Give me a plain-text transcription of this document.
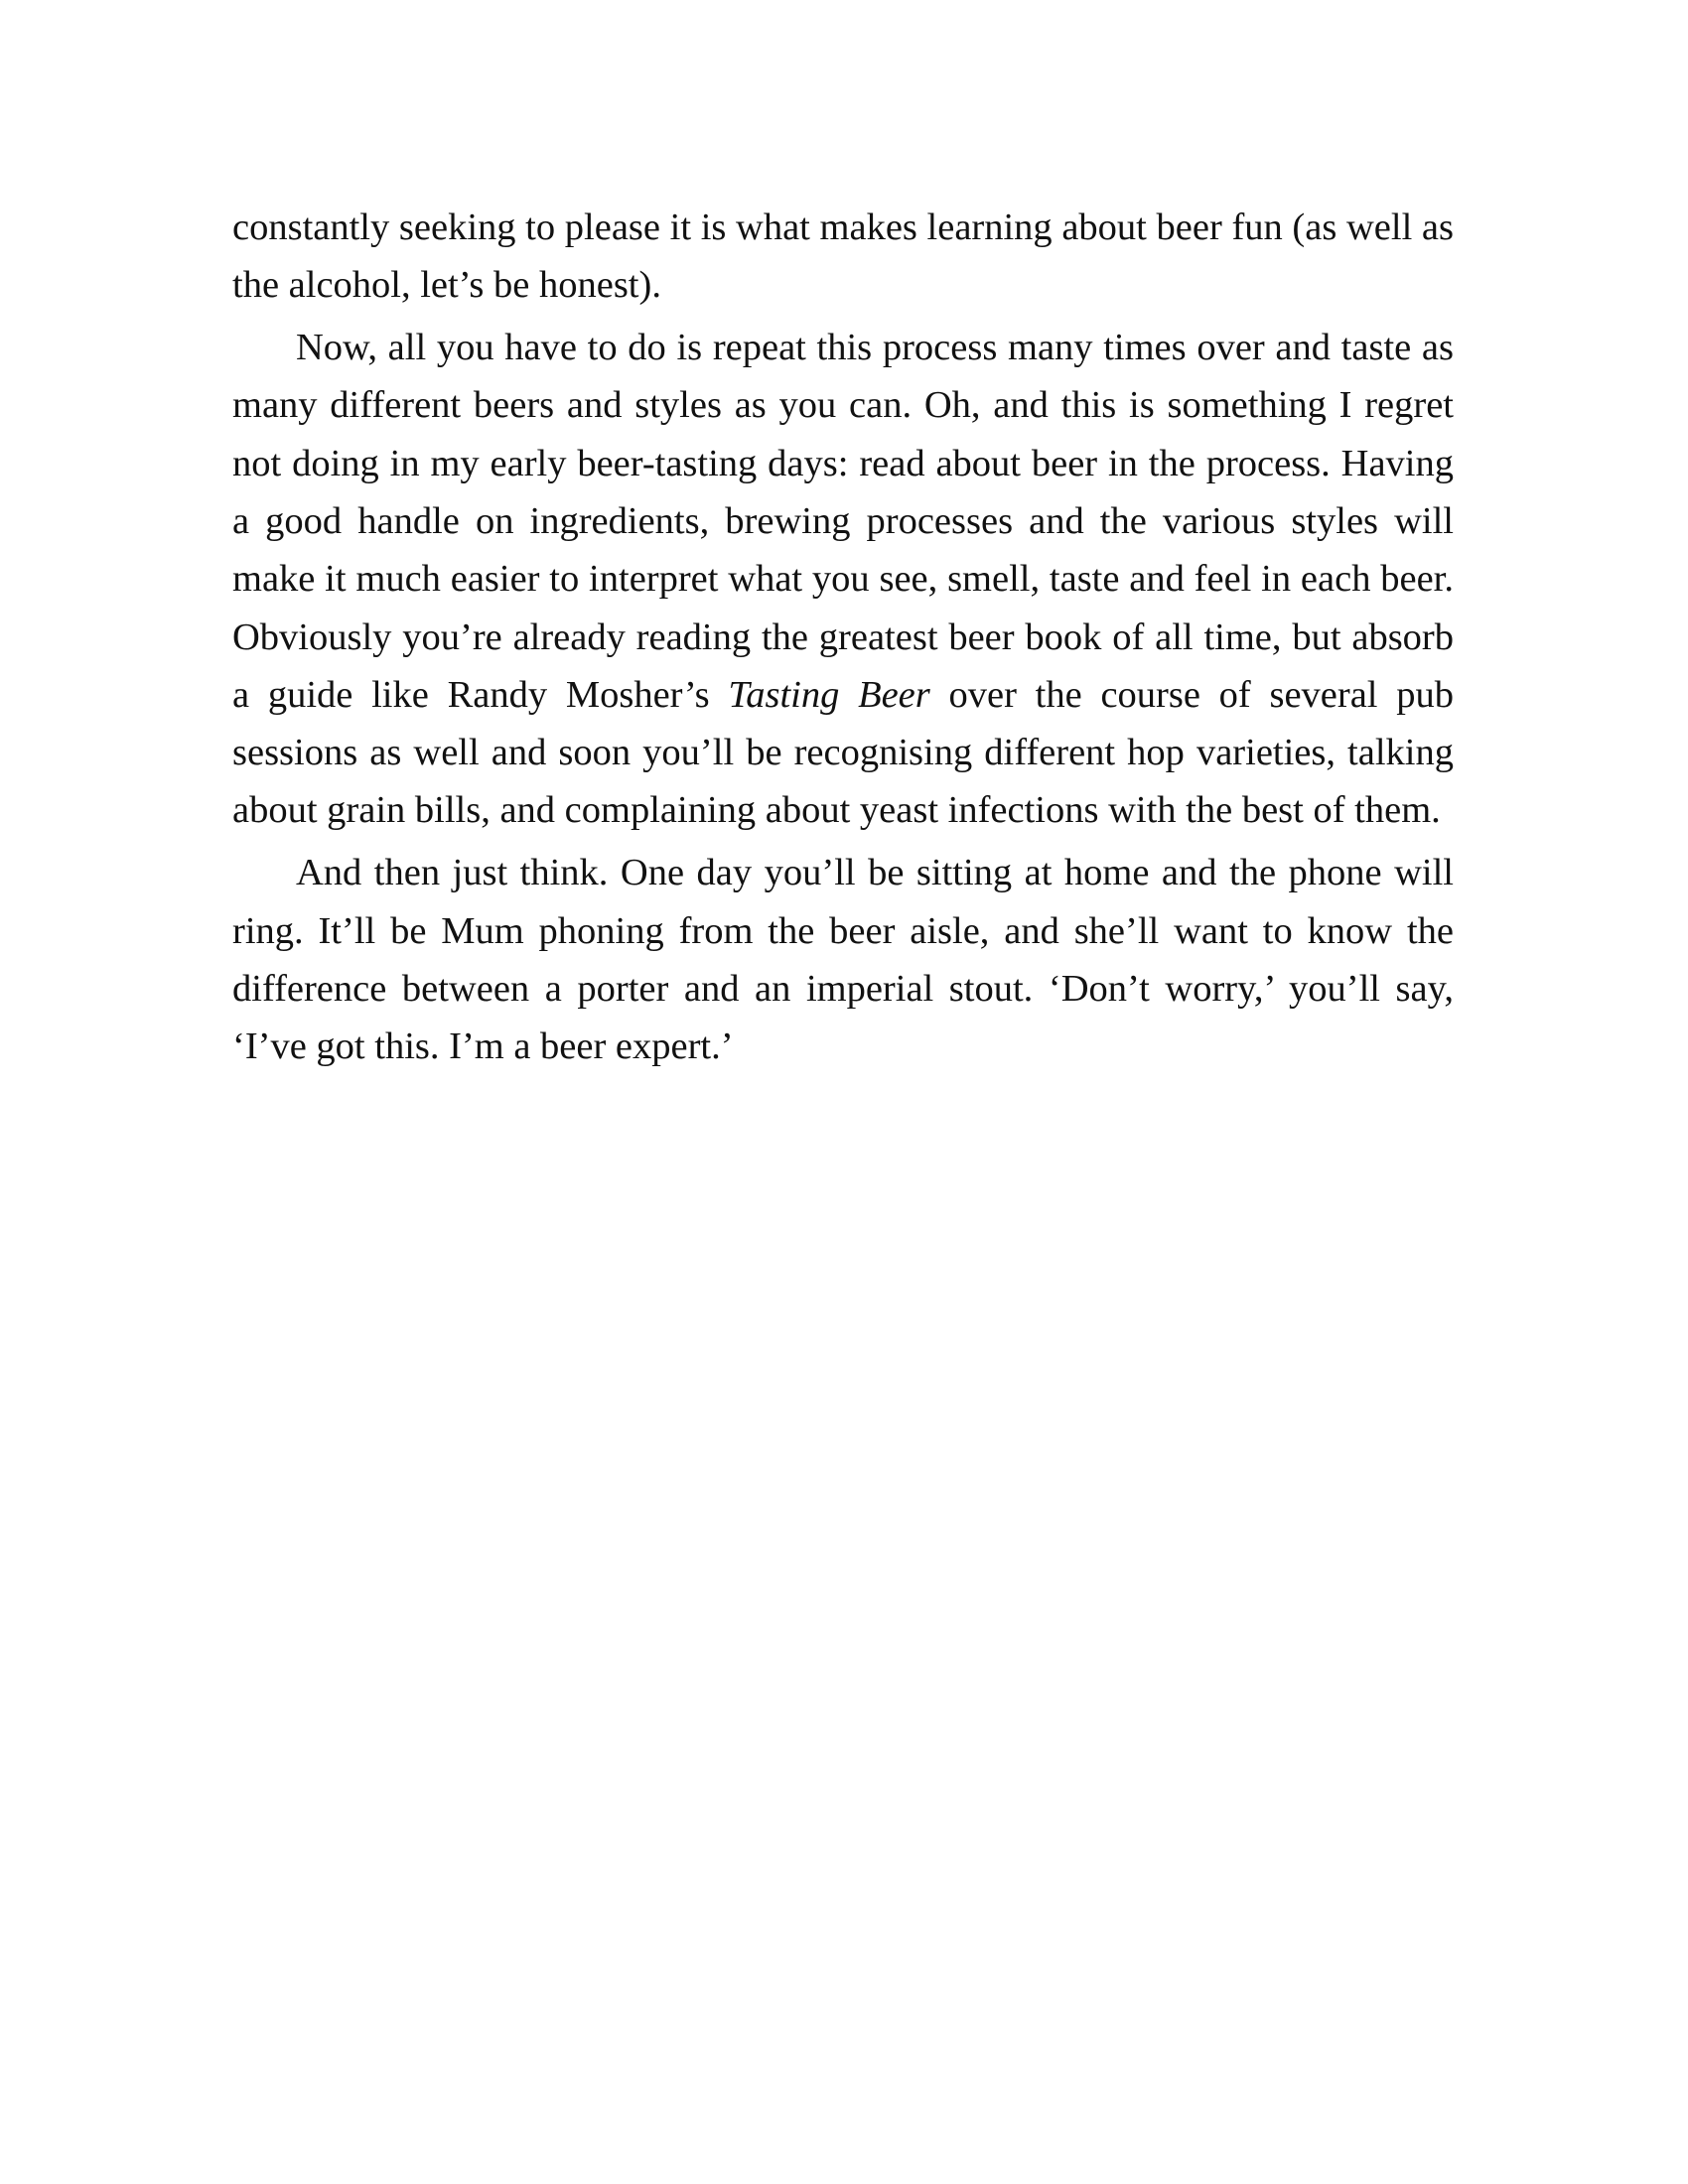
constantly seeking to please it is what makes learning about beer fun (as well as the alcohol, let’s be honest).

Now, all you have to do is repeat this process many times over and taste as many different beers and styles as you can. Oh, and this is something I regret not doing in my early beer-tasting days: read about beer in the process. Having a good handle on ingredients, brewing processes and the various styles will make it much easier to interpret what you see, smell, taste and feel in each beer. Obviously you’re already reading the greatest beer book of all time, but absorb a guide like Randy Mosher’s Tasting Beer over the course of several pub sessions as well and soon you’ll be recognising different hop varieties, talking about grain bills, and complaining about yeast infections with the best of them.

And then just think. One day you’ll be sitting at home and the phone will ring. It’ll be Mum phoning from the beer aisle, and she’ll want to know the difference between a porter and an imperial stout. ‘Don’t worry,’ you’ll say, ‘I’ve got this. I’m a beer expert.’
